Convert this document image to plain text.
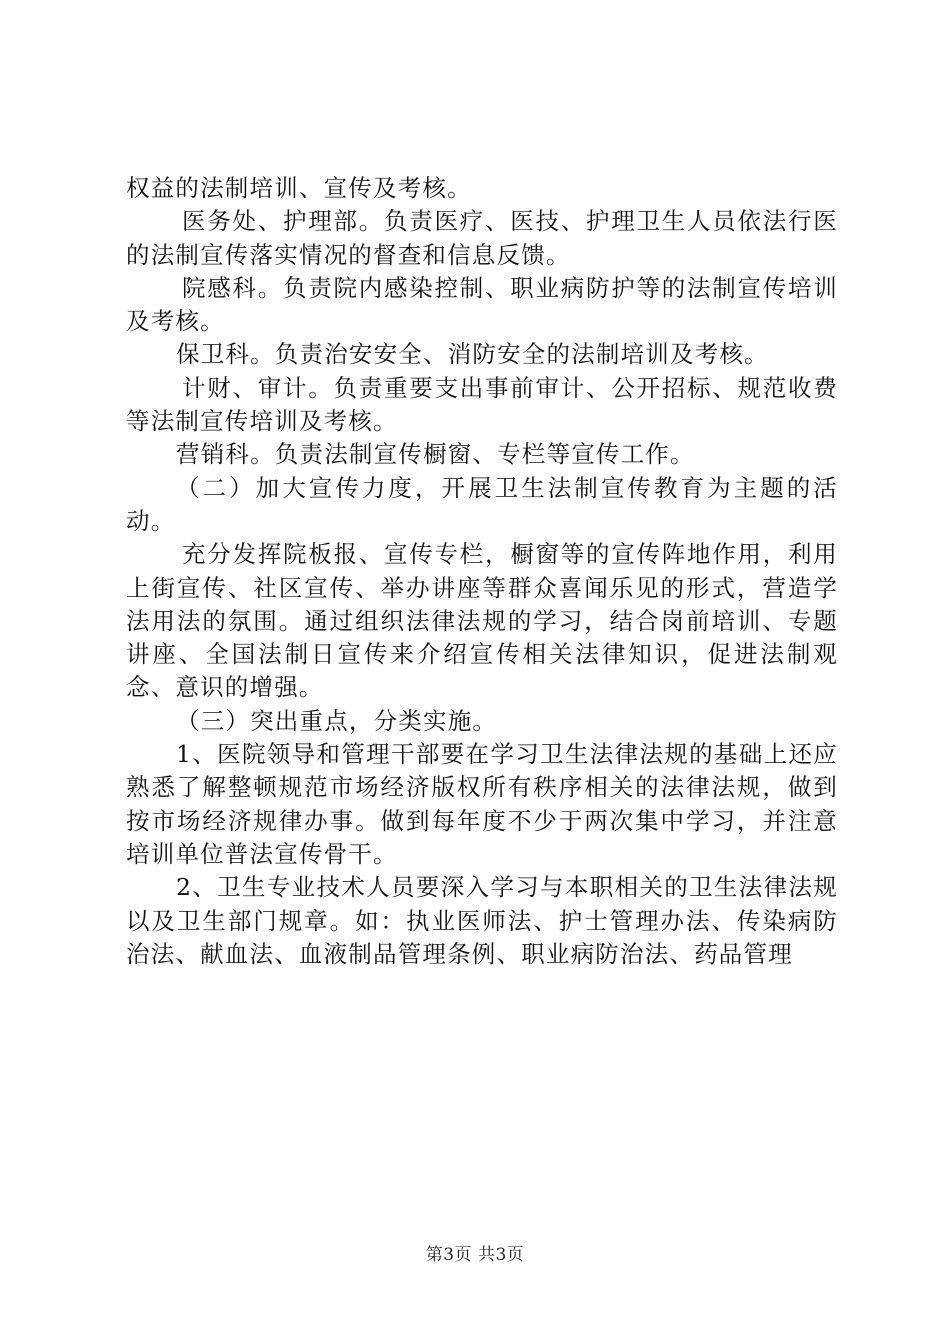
权益的法制培训、宣传及考核。

医务处、护理部。负责医疗、医技、护理卫生人员依法行医的法制宣传落实情况的督查和信息反馈。

院感科。负责院内感染控制、职业病防护等的法制宣传培训及考核。

保卫科。负责治安安全、消防安全的法制培训及考核。

计财、审计。负责重要支出事前审计、公开招标、规范收费等法制宣传培训及考核。

营销科。负责法制宣传橱窗、专栏等宣传工作。

（二）加大宣传力度，开展卫生法制宣传教育为主题的活动。

充分发挥院板报、宣传专栏，橱窗等的宣传阵地作用，利用上街宣传、社区宣传、举办讲座等群众喜闻乐见的形式，营造学法用法的氛围。通过组织法律法规的学习，结合岗前培训、专题讲座、全国法制日宣传来介绍宣传相关法律知识，促进法制观念、意识的增强。

（三）突出重点，分类实施。

1、医院领导和管理干部要在学习卫生法律法规的基础上还应熟悉了解整顿规范市场经济版权所有秩序相关的法律法规，做到按市场经济规律办事。做到每年度不少于两次集中学习，并注意培训单位普法宣传骨干。

2、卫生专业技术人员要深入学习与本职相关的卫生法律法规以及卫生部门规章。如：执业医师法、护士管理办法、传染病防治法、献血法、血液制品管理条例、职业病防治法、药品管理

第3页 共3页
